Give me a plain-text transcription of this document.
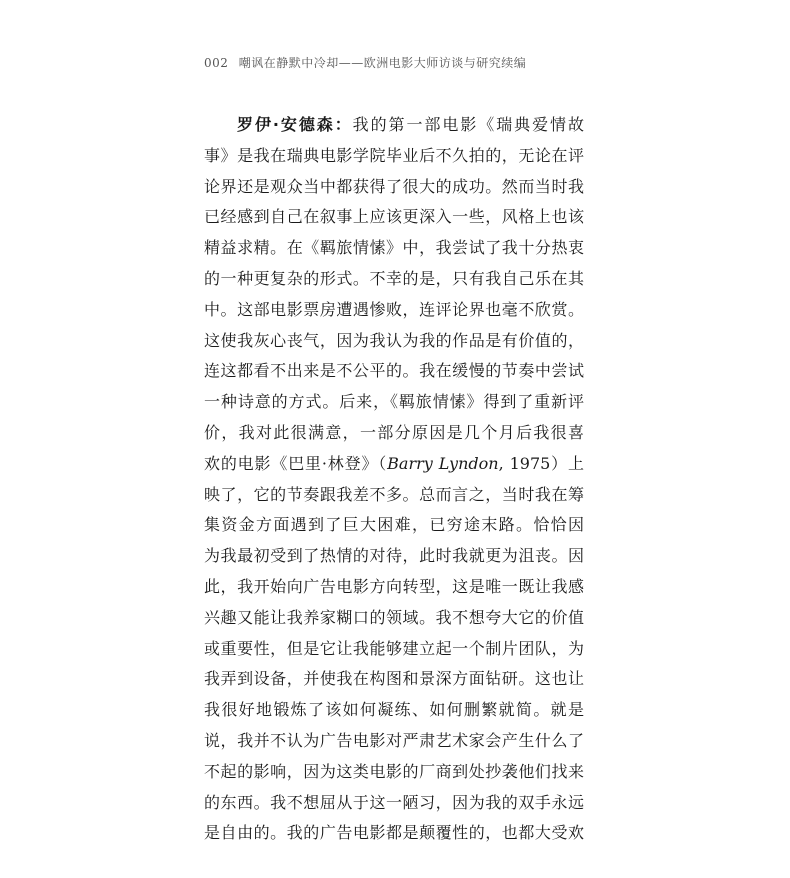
002 嘲讽在静默中冷却——欧洲电影大师访谈与研究续编
罗伊·安德森：我的第一部电影《瑞典爱情故
事》是我在瑞典电影学院毕业后不久拍的，无论在评
论界还是观众当中都获得了很大的成功。然而当时我
已经感到自己在叙事上应该更深入一些，风格上也该
精益求精。在《羁旅情愫》中，我尝试了我十分热衷
的一种更复杂的形式。不幸的是，只有我自己乐在其
中。这部电影票房遭遇惨败，连评论界也毫不欣赏。
这使我灰心丧气，因为我认为我的作品是有价值的，
连这都看不出来是不公平的。我在缓慢的节奏中尝试
一种诗意的方式。后来，《羁旅情愫》得到了重新评
价，我对此很满意，一部分原因是几个月后我很喜
欢的电影《巴里·林登》（Barry Lyndon, 1975）上
映了，它的节奏跟我差不多。总而言之，当时我在筹
集资金方面遇到了巨大困难，已穷途末路。恰恰因
为我最初受到了热情的对待，此时我就更为沮丧。因
此，我开始向广告电影方向转型，这是唯一既让我感
兴趣又能让我养家糊口的领域。我不想夸大它的价值
或重要性，但是它让我能够建立起一个制片团队，为
我弄到设备，并使我在构图和景深方面钻研。这也让
我很好地锻炼了该如何凝练、如何删繁就简。就是
说，我并不认为广告电影对严肃艺术家会产生什么了
不起的影响，因为这类电影的厂商到处抄袭他们找来
的东西。我不想屈从于这一陋习，因为我的双手永远
是自由的。我的广告电影都是颠覆性的，也都大受欢
